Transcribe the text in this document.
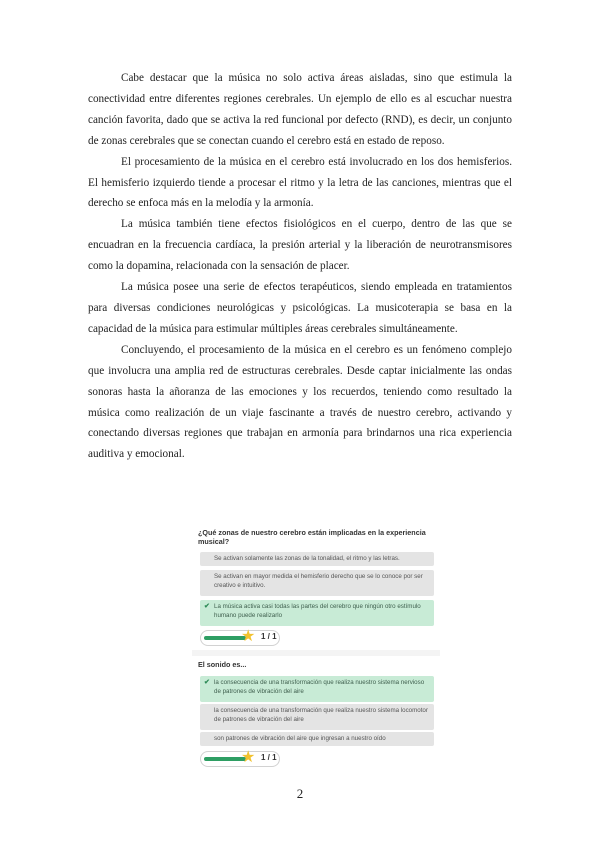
Cabe destacar que la música no solo activa áreas aisladas, sino que estimula la conectividad entre diferentes regiones cerebrales. Un ejemplo de ello es al escuchar nuestra canción favorita, dado que se activa la red funcional por defecto (RND), es decir, un conjunto de zonas cerebrales que se conectan cuando el cerebro está en estado de reposo.

El procesamiento de la música en el cerebro está involucrado en los dos hemisferios. El hemisferio izquierdo tiende a procesar el ritmo y la letra de las canciones, mientras que el derecho se enfoca más en la melodía y la armonía.

La música también tiene efectos fisiológicos en el cuerpo, dentro de las que se encuadran en la frecuencia cardíaca, la presión arterial y la liberación de neurotransmisores como la dopamina, relacionada con la sensación de placer.

La música posee una serie de efectos terapéuticos, siendo empleada en tratamientos para diversas condiciones neurológicas y psicológicas. La musicoterapia se basa en la capacidad de la música para estimular múltiples áreas cerebrales simultáneamente.

Concluyendo, el procesamiento de la música en el cerebro es un fenómeno complejo que involucra una amplia red de estructuras cerebrales. Desde captar inicialmente las ondas sonoras hasta la añoranza de las emociones y los recuerdos, teniendo como resultado la música como realización de un viaje fascinante a través de nuestro cerebro, activando y conectando diversas regiones que trabajan en armonía para brindarnos una rica experiencia auditiva y emocional.

¿Qué zonas de nuestro cerebro están implicadas en la experiencia musical?
Se activan solamente las zonas de la tonalidad, el ritmo y las letras.
Se activan en mayor medida el hemisferio derecho que se lo conoce por ser creativo e intuitivo.
✔ La música activa casi todas las partes del cerebro que ningún otro estímulo humano puede realizarlo
★ 1 / 1
El sonido es...
✔ la consecuencia de una transformación que realiza nuestro sistema nervioso de patrones de vibración del aire
la consecuencia de una transformación que realiza nuestro sistema locomotor de patrones de vibración del aire
son patrones de vibración del aire que ingresan a nuestro oído
★ 1 / 1
2
